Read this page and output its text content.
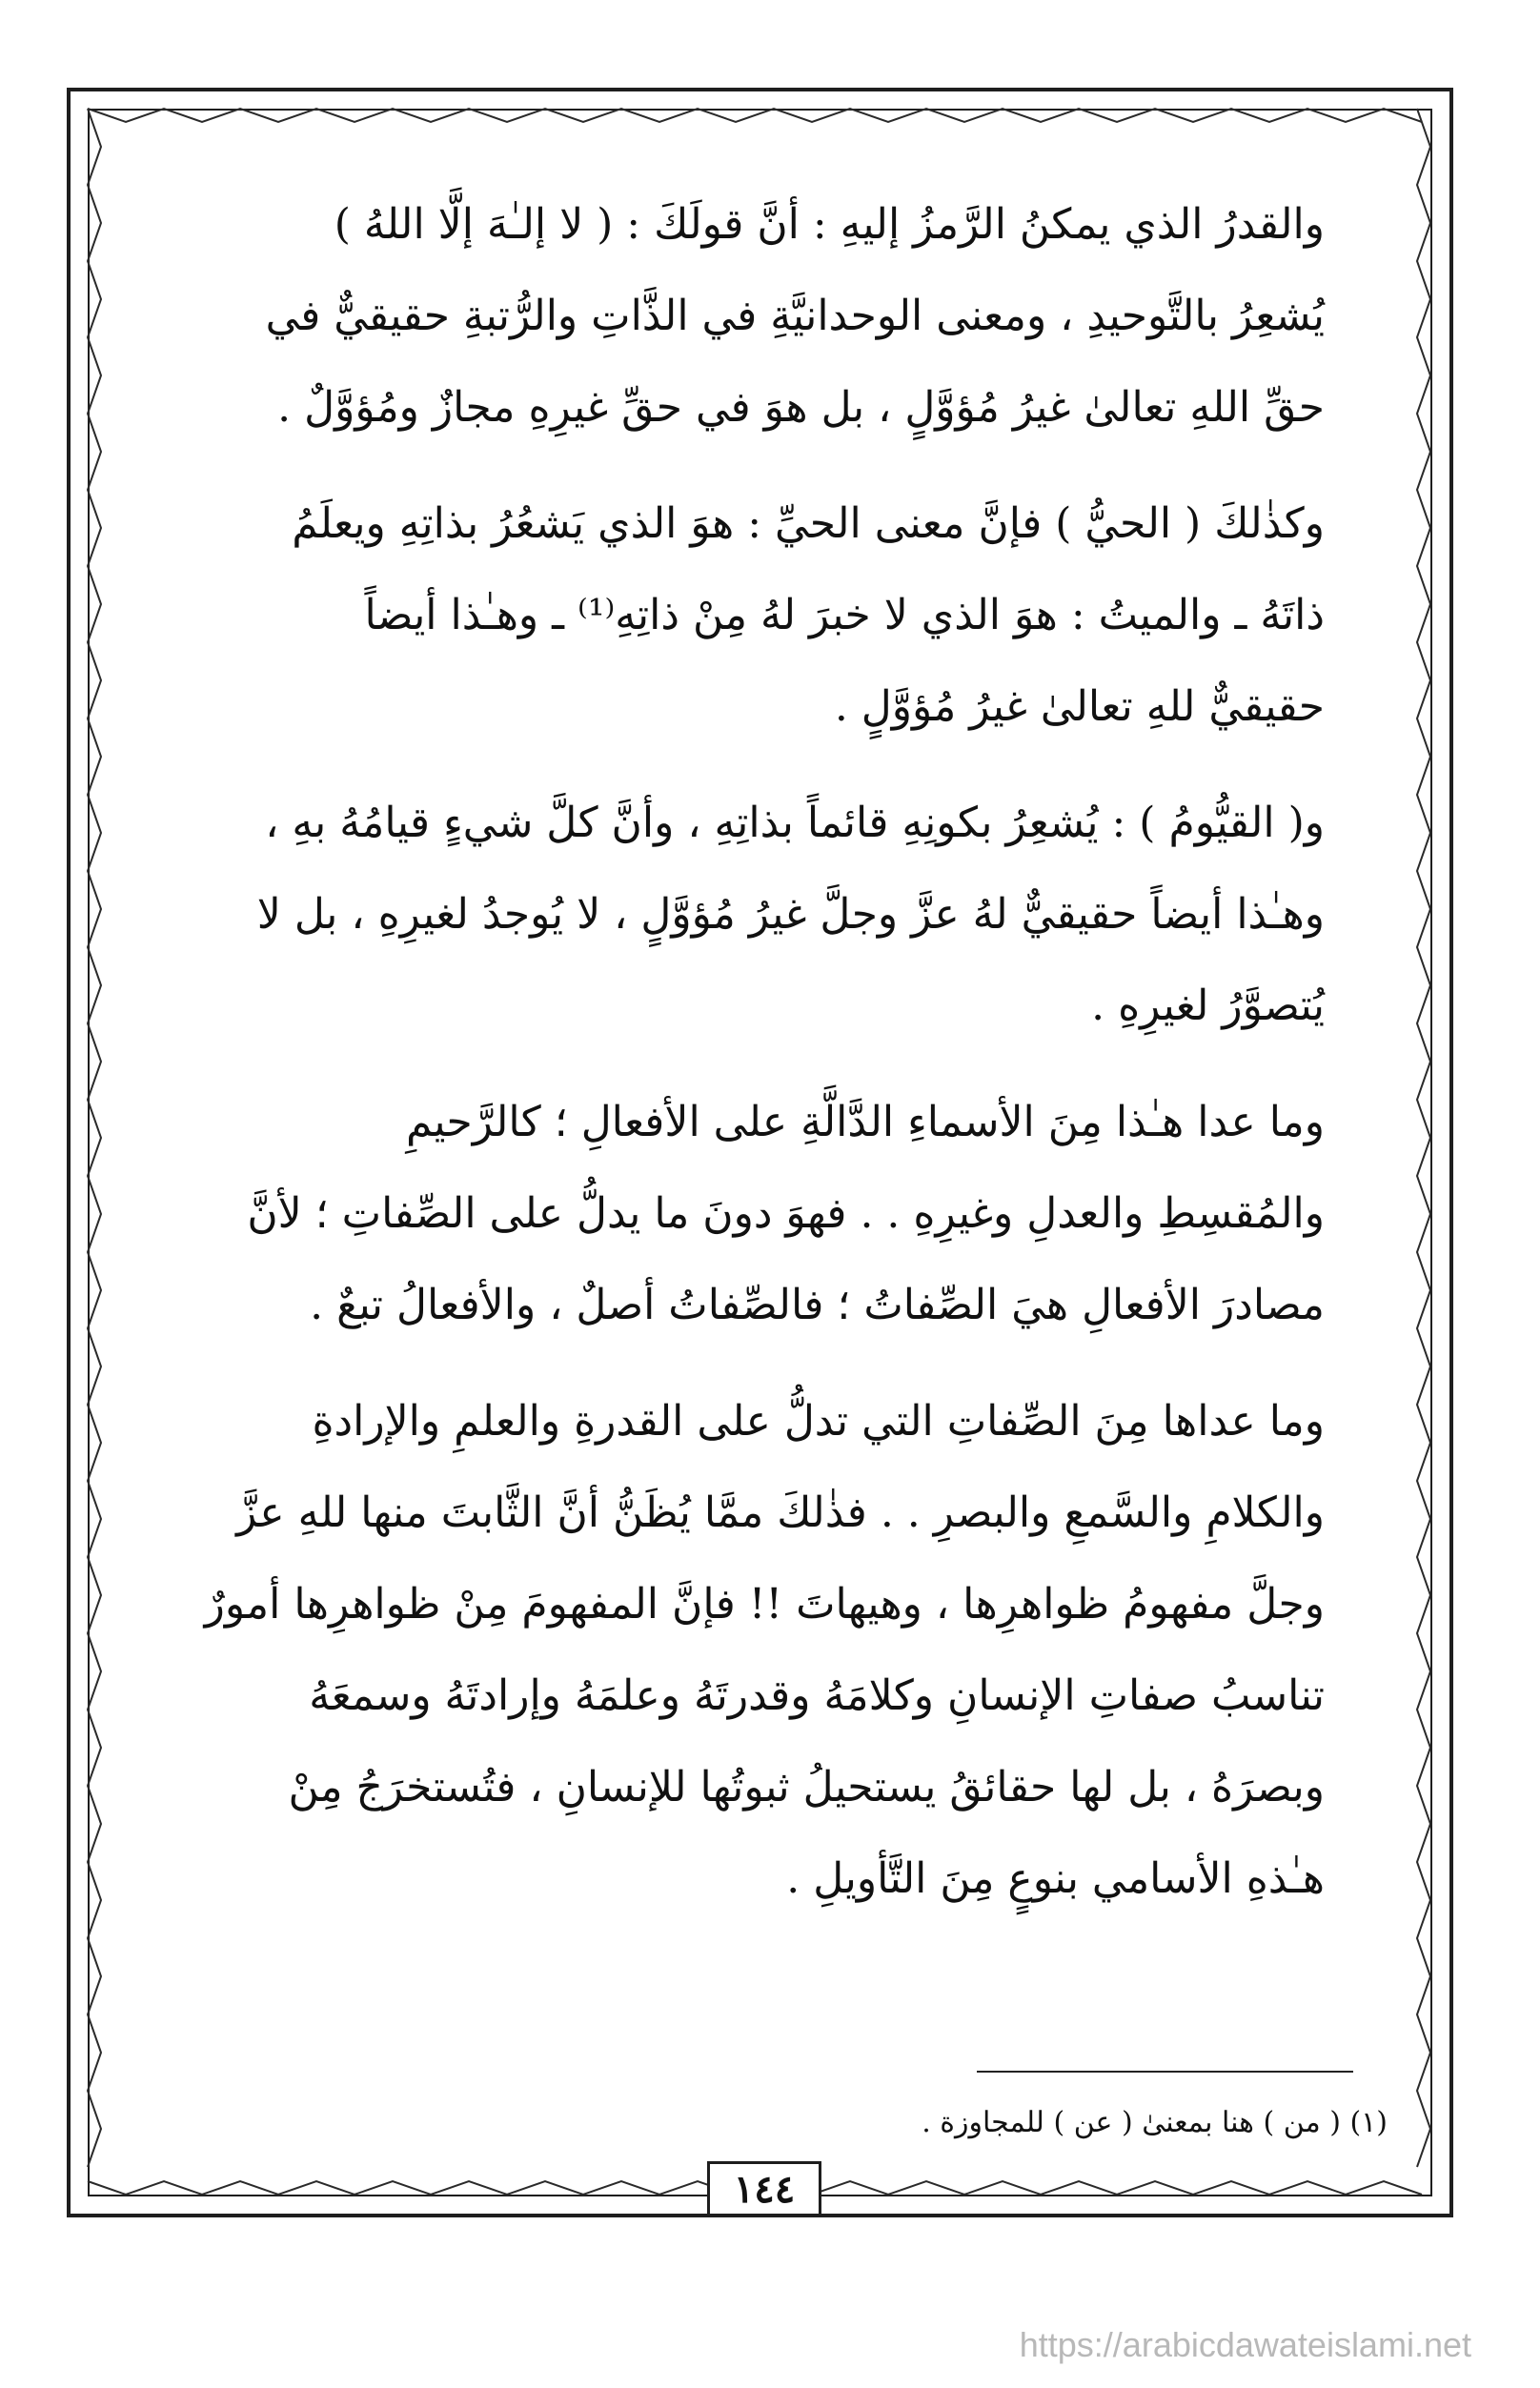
والقدرُ الذي يمكنُ الرَّمزُ إليهِ : أنَّ قولَكَ : ( لا إلـٰهَ إلَّا اللهُ )
يُشعِرُ بالتَّوحيدِ ، ومعنى الوحدانيَّةِ في الذَّاتِ والرُّتبةِ حقيقيٌّ في
حقِّ اللهِ تعالىٰ غيرُ مُؤوَّلٍ ، بل هوَ في حقِّ غيرِهِ مجازٌ ومُؤوَّلٌ .

وكذٰلكَ ( الحيُّ ) فإنَّ معنى الحيِّ : هوَ الذي يَشعُرُ بذاتِهِ ويعلَمُ
ذاتَهُ ـ والميتُ : هوَ الذي لا خبرَ لهُ مِنْ ذاتِهِ⁽¹⁾ ـ وهـٰذا أيضاً
حقيقيٌّ للهِ تعالىٰ غيرُ مُؤوَّلٍ .

و( القيُّومُ ) : يُشعِرُ بكونِهِ قائماً بذاتِهِ ، وأنَّ كلَّ شيءٍ قيامُهُ بهِ ،
وهـٰذا أيضاً حقيقيٌّ لهُ عزَّ وجلَّ غيرُ مُؤوَّلٍ ، لا يُوجدُ لغيرِهِ ، بل لا
يُتصوَّرُ لغيرِهِ .

وما عدا هـٰذا مِنَ الأسماءِ الدَّالَّةِ على الأفعالِ ؛ كالرَّحيمِ
والمُقسِطِ والعدلِ وغيرِهِ . . فهوَ دونَ ما يدلُّ على الصِّفاتِ ؛ لأنَّ
مصادرَ الأفعالِ هيَ الصِّفاتُ ؛ فالصِّفاتُ أصلٌ ، والأفعالُ تبعٌ .

وما عداها مِنَ الصِّفاتِ التي تدلُّ على القدرةِ والعلمِ والإرادةِ
والكلامِ والسَّمعِ والبصرِ . . فذٰلكَ ممَّا يُظَنُّ أنَّ الثَّابتَ منها للهِ عزَّ
وجلَّ مفهومُ ظواهرِها ، وهيهاتَ !! فإنَّ المفهومَ مِنْ ظواهرِها أمورٌ
تناسبُ صفاتِ الإنسانِ وكلامَهُ وقدرتَهُ وعلمَهُ وإرادتَهُ وسمعَهُ
وبصرَهُ ، بل لها حقائقُ يستحيلُ ثبوتُها للإنسانِ ، فتُستخرَجُ مِنْ
هـٰذهِ الأسامي بنوعٍ مِنَ التَّأويلِ .

(١) ( من ) هنا بمعنىٰ ( عن ) للمجاوزة .
١٤٤
https://arabicdawateislami.net
